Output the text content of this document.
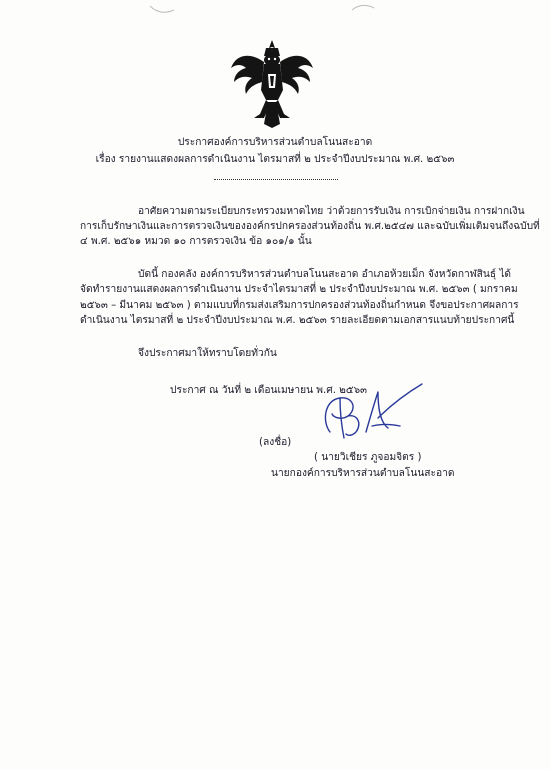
ประกาศองค์การบริหารส่วนตำบลโนนสะอาด
เรื่อง รายงานแสดงผลการดำเนินงาน ไตรมาสที่ ๒ ประจำปีงบประมาณ พ.ศ. ๒๕๖๓
อาศัยความตามระเบียบกระทรวงมหาดไทย ว่าด้วยการรับเงิน การเบิกจ่ายเงิน การฝากเงิน
การเก็บรักษาเงินและการตรวจเงินขององค์กรปกครองส่วนท้องถิ่น พ.ศ.๒๕๔๗ และฉบับเพิ่มเติมจนถึงฉบับที่
๔ พ.ศ. ๒๕๖๑ หมวด ๑๐ การตรวจเงิน ข้อ ๑๐๑/๑ นั้น
บัดนี้ กองคลัง องค์การบริหารส่วนตำบลโนนสะอาด อำเภอห้วยเม็ก จังหวัดกาฬสินธุ์ ได้
จัดทำรายงานแสดงผลการดำเนินงาน ประจำไตรมาสที่ ๒ ประจำปีงบประมาณ พ.ศ. ๒๕๖๓ ( มกราคม
๒๕๖๓ – มีนาคม ๒๕๖๓ ) ตามแบบที่กรมส่งเสริมการปกครองส่วนท้องถิ่นกำหนด จึงขอประกาศผลการ
ดำเนินงาน ไตรมาสที่ ๒ ประจำปีงบประมาณ พ.ศ. ๒๕๖๓ รายละเอียดตามเอกสารแนบท้ายประกาศนี้
จึงประกาศมาให้ทราบโดยทั่วกัน
ประกาศ ณ วันที่ ๒ เดือนเมษายน พ.ศ. ๒๕๖๓
(ลงชื่อ)
( นายวิเชียร ภูจอมจิตร )
นายกองค์การบริหารส่วนตำบลโนนสะอาด
